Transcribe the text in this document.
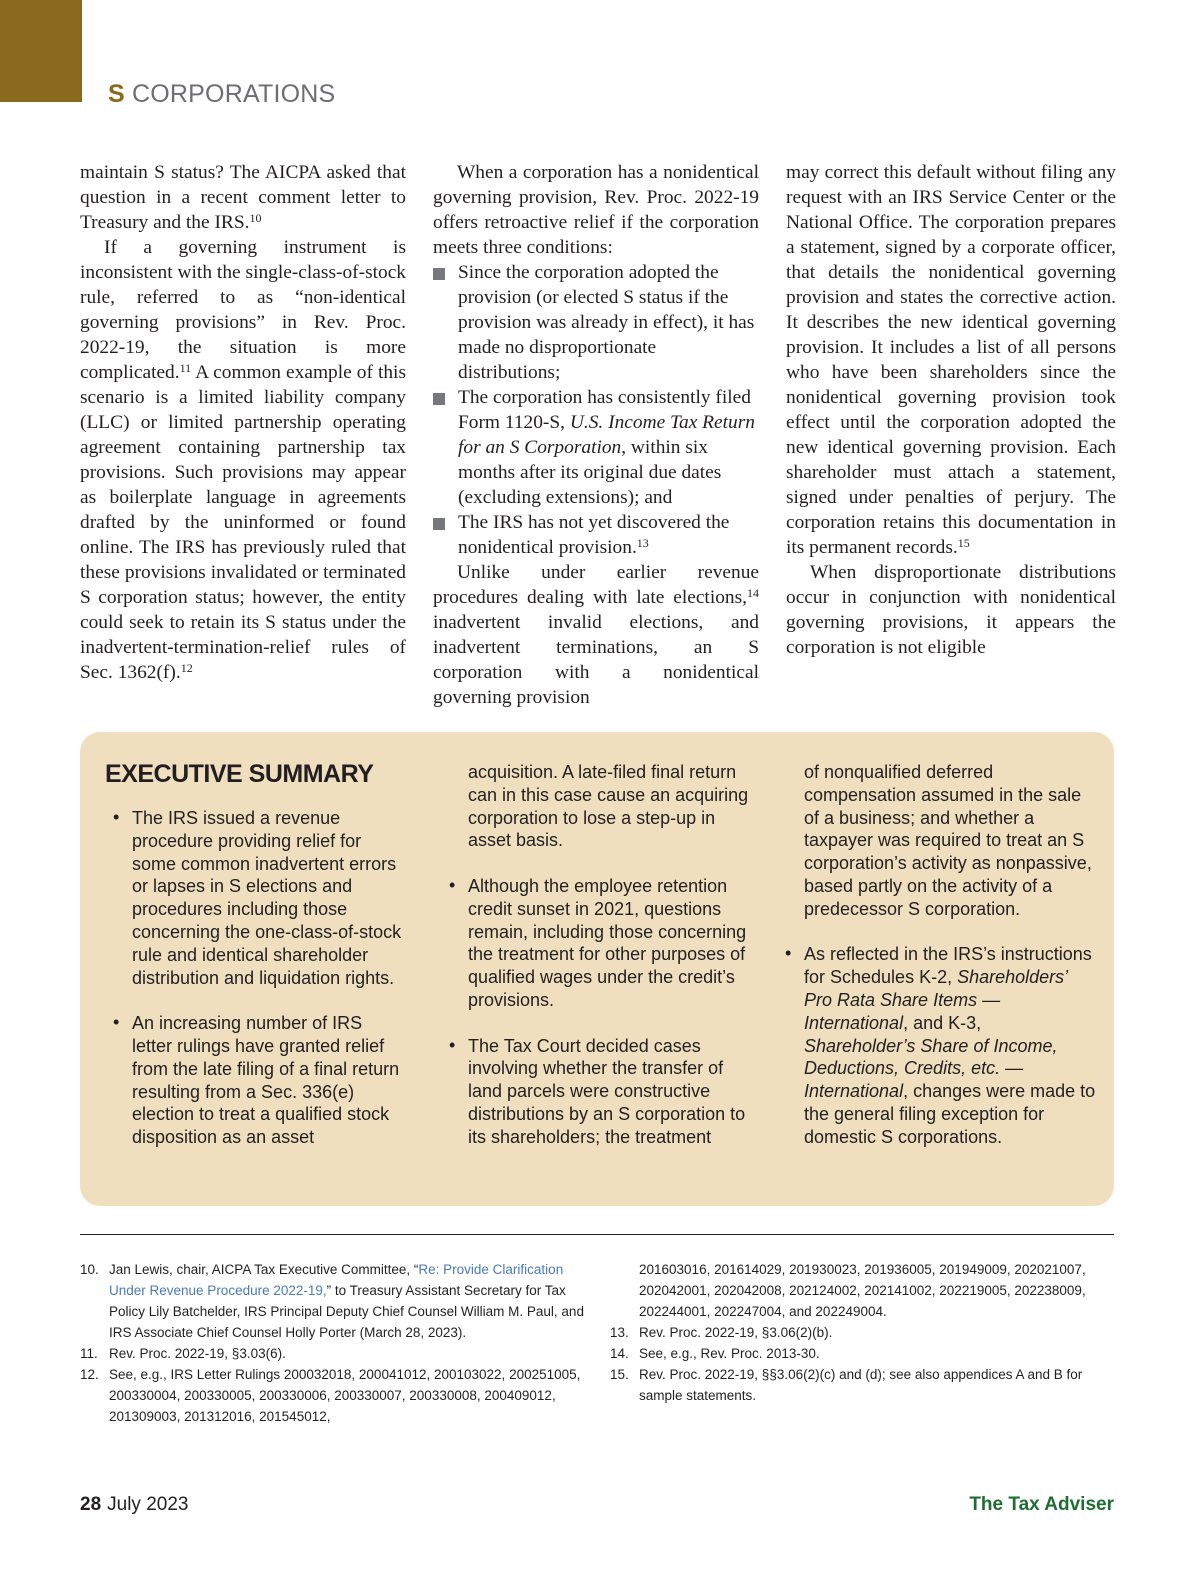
S CORPORATIONS

maintain S status? The AICPA asked that question in a recent comment letter to Treasury and the IRS.$^{10}$

If a governing instrument is inconsistent with the single-class-of-stock rule, referred to as “non-identical governing provisions” in Rev. Proc. 2022-19, the situation is more complicated.$^{11}$ A common example of this scenario is a limited liability company (LLC) or limited partnership operating agreement containing partnership tax provisions. Such provisions may appear as boilerplate language in agreements drafted by the uninformed or found online. The IRS has previously ruled that these provisions invalidated or terminated S corporation status; however, the entity could seek to retain its S status under the inadvertent-termination-relief rules of Sec. 1362(f).$^{12}$

When a corporation has a nonidentical governing provision, Rev. Proc. 2022-19 offers retroactive relief if the corporation meets three conditions:

Since the corporation adopted the provision (or elected S status if the provision was already in effect), it has made no disproportionate distributions;
The corporation has consistently filed Form 1120-S, U.S. Income Tax Return for an S Corporation, within six months after its original due dates (excluding extensions); and
The IRS has not yet discovered the nonidentical provision.$^{13}$

Unlike under earlier revenue procedures dealing with late elections,$^{14}$ inadvertent invalid elections, and inadvertent terminations, an S corporation with a nonidentical governing provision

may correct this default without filing any request with an IRS Service Center or the National Office. The corporation prepares a statement, signed by a corporate officer, that details the nonidentical governing provision and states the corrective action. It describes the new identical governing provision. It includes a list of all persons who have been shareholders since the nonidentical governing provision took effect until the corporation adopted the new identical governing provision. Each shareholder must attach a statement, signed under penalties of perjury. The corporation retains this documentation in its permanent records.$^{15}$

When disproportionate distributions occur in conjunction with nonidentical governing provisions, it appears the corporation is not eligible

EXECUTIVE SUMMARY
• The IRS issued a revenue procedure providing relief for some common inadvertent errors or lapses in S elections and procedures including those concerning the one-class-of-stock rule and identical shareholder distribution and liquidation rights.
• An increasing number of IRS letter rulings have granted relief from the late filing of a final return resulting from a Sec. 336(e) election to treat a qualified stock disposition as an asset
acquisition. A late-filed final return can in this case cause an acquiring corporation to lose a step-up in asset basis.
• Although the employee retention credit sunset in 2021, questions remain, including those concerning the treatment for other purposes of qualified wages under the credit’s provisions.
• The Tax Court decided cases involving whether the transfer of land parcels were constructive distributions by an S corporation to its shareholders; the treatment
of nonqualified deferred compensation assumed in the sale of a business; and whether a taxpayer was required to treat an S corporation’s activity as nonpassive, based partly on the activity of a predecessor S corporation.
• As reflected in the IRS’s instructions for Schedules K-2, Shareholders’ Pro Rata Share Items — International, and K-3, Shareholder’s Share of Income, Deductions, Credits, etc. — International, changes were made to the general filing exception for domestic S corporations.
10. Jan Lewis, chair, AICPA Tax Executive Committee, “Re: Provide Clarification Under Revenue Procedure 2022-19,” to Treasury Assistant Secretary for Tax Policy Lily Batchelder, IRS Principal Deputy Chief Counsel William M. Paul, and IRS Associate Chief Counsel Holly Porter (March 28, 2023).
11. Rev. Proc. 2022-19, §3.03(6).
12. See, e.g., IRS Letter Rulings 200032018, 200041012, 200103022, 200251005, 200330004, 200330005, 200330006, 200330007, 200330008, 200409012, 201309003, 201312016, 201545012,
201603016, 201614029, 201930023, 201936005, 201949009, 202021007, 202042001, 202042008, 202124002, 202141002, 202219005, 202238009, 202244001, 202247004, and 202249004.
13. Rev. Proc. 2022-19, §3.06(2)(b).
14. See, e.g., Rev. Proc. 2013-30.
15. Rev. Proc. 2022-19, §§3.06(2)(c) and (d); see also appendices A and B for sample statements.
28 July 2023	The Tax Adviser
